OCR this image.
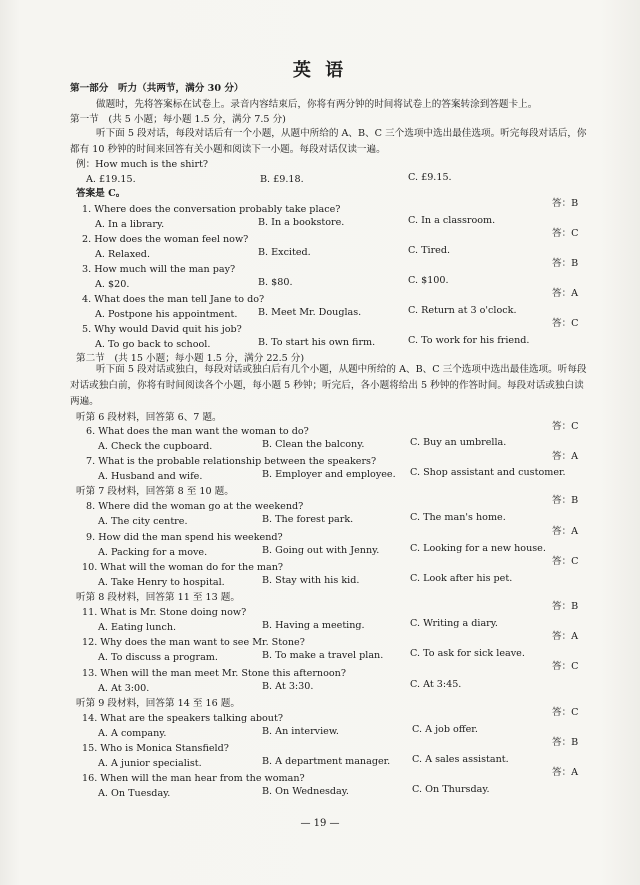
英 语
第一部分　听力（共两节，满分 30 分）
做题时，先将答案标在试卷上。录音内容结束后，你将有两分钟的时间将试卷上的答案转涂到答题卡上。
第一节　(共 5 小题；每小题 1.5 分，满分 7.5 分)
听下面 5 段对话，每段对话后有一个小题，从题中所给的 A、B、C 三个选项中选出最佳选项。听完每段对话后，你都有 10 秒钟的时间来回答有关小题和阅读下一小题。每段对话仅读一遍。
例：How much is the shirt?
A. £19.15.	B. £9.18.	C. £9.15.
答案是 C。
1. Where does the conversation probably take place?
答：B
A. In a library.	B. In a bookstore.	C. In a classroom.
2. How does the woman feel now?
答：C
A. Relaxed.	B. Excited.	C. Tired.
3. How much will the man pay?
答：B
A. $20.	B. $80.	C. $100.
4. What does the man tell Jane to do?
答：A
A. Postpone his appointment. B. Meet Mr. Douglas.	C. Return at 3 o'clock.
5. Why would David quit his job?
答：C
A. To go back to school.	B. To start his own firm.	C. To work for his friend.
第二节　(共 15 小题；每小题 1.5 分，满分 22.5 分)
听下面 5 段对话或独白，每段对话或独白后有几个小题，从题中所给的 A、B、C 三个选项中选出最佳选项。听每段对话或独白前，你将有时间阅读各个小题，每小题 5 秒钟；听完后，各小题将给出 5 秒钟的作答时间。每段对话或独白读两遍。
听第 6 段材料，回答第 6、7 题。
6. What does the man want the woman to do?	答：C
A. Check the cupboard.	B. Clean the balcony.	C. Buy an umbrella.
7. What is the probable relationship between the speakers?	答：A
A. Husband and wife.	B. Employer and employee. C. Shop assistant and customer.
听第 7 段材料，回答第 8 至 10 题。
8. Where did the woman go at the weekend?
答：B
A. The city centre.	B. The forest park.	C. The man's home.
9. How did the man spend his weekend?
答：A
A. Packing for a move.	B. Going out with Jenny.	C. Looking for a new house.
10. What will the woman do for the man?
答：C
A. Take Henry to hospital.	B. Stay with his kid.	C. Look after his pet.
听第 8 段材料，回答第 11 至 13 题。
11. What is Mr. Stone doing now?
答：B
A. Eating lunch.	B. Having a meeting.	C. Writing a diary.
12. Why does the man want to see Mr. Stone?
答：A
A. To discuss a program.	B. To make a travel plan.	C. To ask for sick leave.
13. When will the man meet Mr. Stone this afternoon?
答：C
A. At 3:00.	B. At 3:30.	C. At 3:45.
听第 9 段材料，回答第 14 至 16 题。
14. What are the speakers talking about?
答：C
A. A company.	B. An interview.	C. A job offer.
15. Who is Monica Stansfield?
答：B
A. A junior specialist.	B. A department manager. C. A sales assistant.
16. When will the man hear from the woman?
答：A
A. On Tuesday.	B. On Wednesday.	C. On Thursday.
— 19 —
